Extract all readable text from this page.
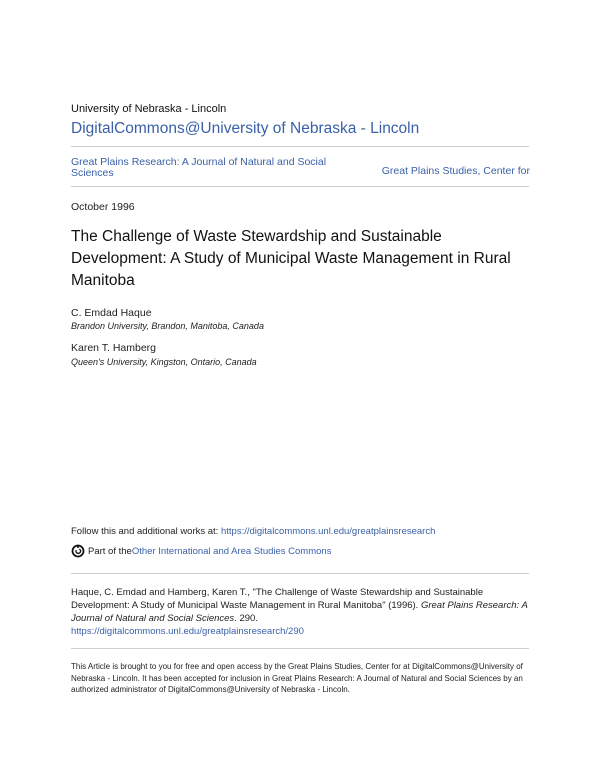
University of Nebraska - Lincoln
DigitalCommons@University of Nebraska - Lincoln
Great Plains Research: A Journal of Natural and Social Sciences	Great Plains Studies, Center for
October 1996
The Challenge of Waste Stewardship and Sustainable Development: A Study of Municipal Waste Management in Rural Manitoba
C. Emdad Haque
Brandon University, Brandon, Manitoba, Canada
Karen T. Hamberg
Queen's University, Kingston, Ontario, Canada
Follow this and additional works at: https://digitalcommons.unl.edu/greatplainsresearch
Part of the Other International and Area Studies Commons
Haque, C. Emdad and Hamberg, Karen T., "The Challenge of Waste Stewardship and Sustainable Development: A Study of Municipal Waste Management in Rural Manitoba" (1996). Great Plains Research: A Journal of Natural and Social Sciences. 290.
https://digitalcommons.unl.edu/greatplainsresearch/290
This Article is brought to you for free and open access by the Great Plains Studies, Center for at DigitalCommons@University of Nebraska - Lincoln. It has been accepted for inclusion in Great Plains Research: A Journal of Natural and Social Sciences by an authorized administrator of DigitalCommons@University of Nebraska - Lincoln.
